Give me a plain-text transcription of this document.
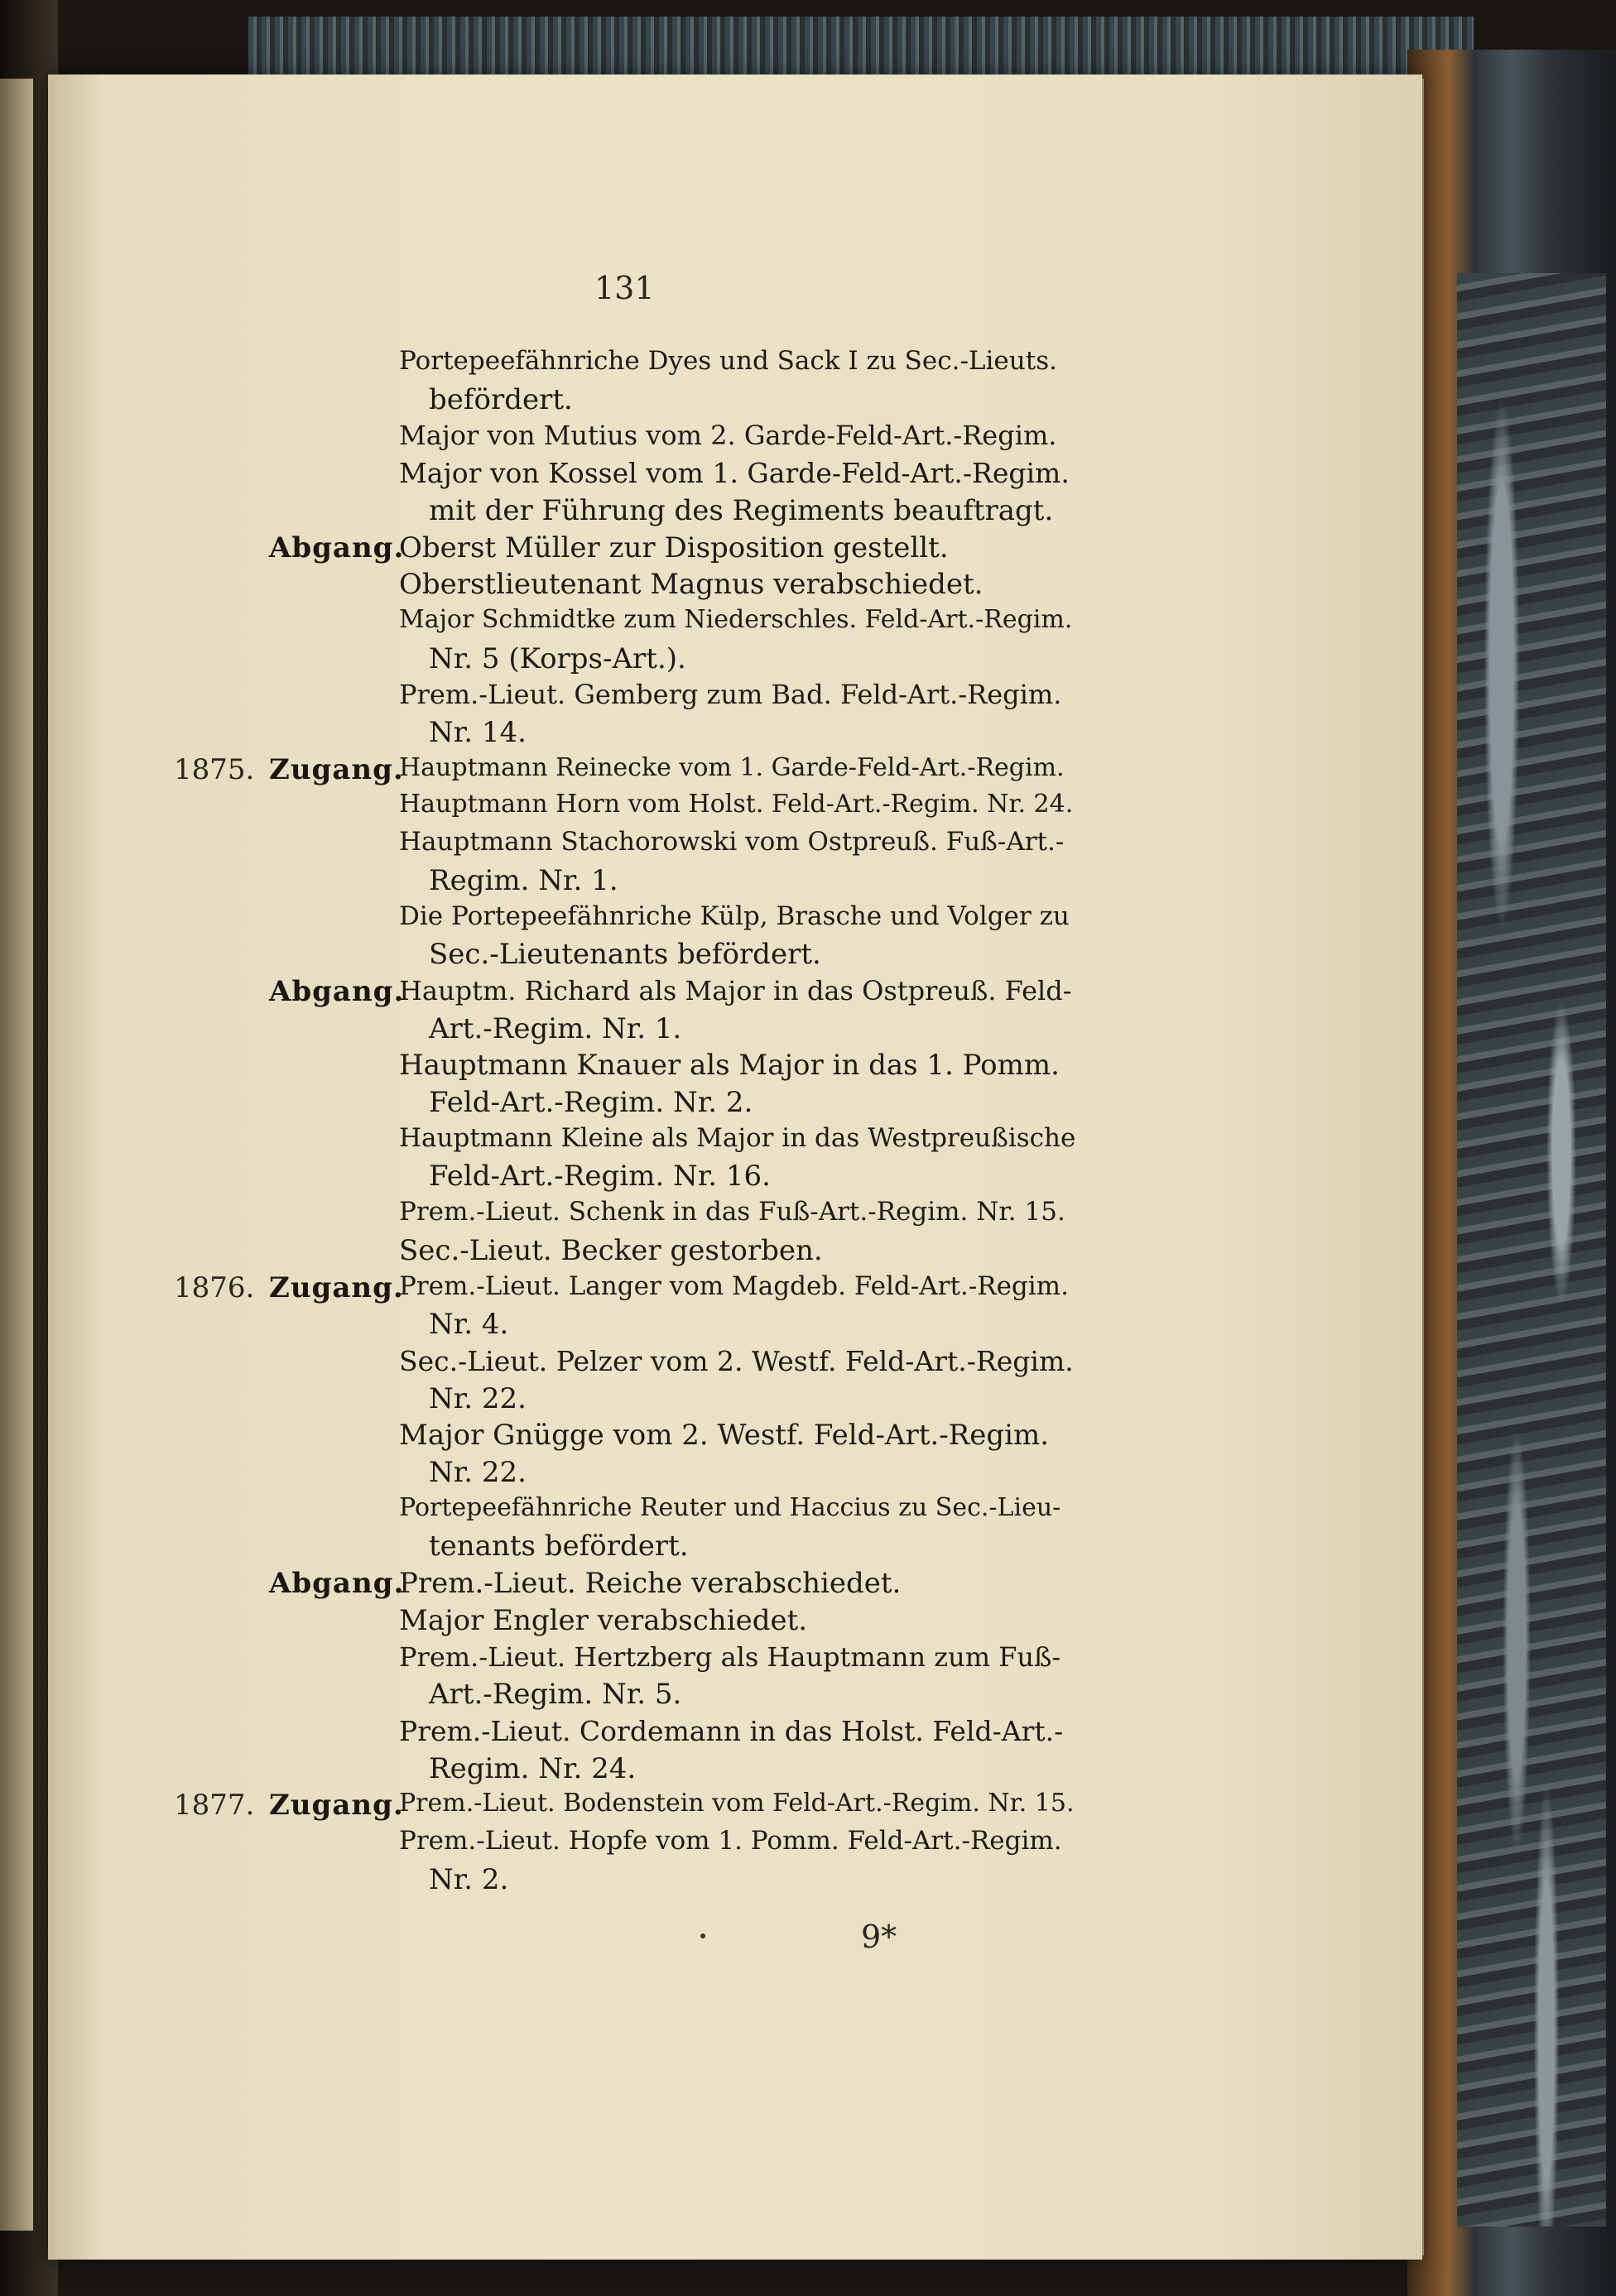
131
Portepeefähnriche Dyes und Sack I zu Sec.-Lieuts.
befördert.
Major von Mutius vom 2. Garde-Feld-Art.-Regim.
Major von Kossel vom 1. Garde-Feld-Art.-Regim.
mit der Führung des Regiments beauftragt.
Abgang.
Oberst Müller zur Disposition gestellt.
Oberstlieutenant Magnus verabschiedet.
Major Schmidtke zum Niederschles. Feld-Art.-Regim.
Nr. 5 (Korps-Art.).
Prem.-Lieut. Gemberg zum Bad. Feld-Art.-Regim.
Nr. 14.
1875. Zugang.
Hauptmann Reinecke vom 1. Garde-Feld-Art.-Regim.
Hauptmann Horn vom Holst. Feld-Art.-Regim. Nr. 24.
Hauptmann Stachorowski vom Ostpreuß. Fuß-Art.-
Regim. Nr. 1.
Die Portepeefähnriche Külp, Brasche und Volger zu
Sec.-Lieutenants befördert.
Abgang.
Hauptm. Richard als Major in das Ostpreuß. Feld-
Art.-Regim. Nr. 1.
Hauptmann Knauer als Major in das 1. Pomm.
Feld-Art.-Regim. Nr. 2.
Hauptmann Kleine als Major in das Westpreußische
Feld-Art.-Regim. Nr. 16.
Prem.-Lieut. Schenk in das Fuß-Art.-Regim. Nr. 15.
Sec.-Lieut. Becker gestorben.
1876. Zugang.
Prem.-Lieut. Langer vom Magdeb. Feld-Art.-Regim.
Nr. 4.
Sec.-Lieut. Pelzer vom 2. Westf. Feld-Art.-Regim.
Nr. 22.
Major Gnügge vom 2. Westf. Feld-Art.-Regim.
Nr. 22.
Portepeefähnriche Reuter und Haccius zu Sec.-Lieu-
tenants befördert.
Abgang.
Prem.-Lieut. Reiche verabschiedet.
Major Engler verabschiedet.
Prem.-Lieut. Hertzberg als Hauptmann zum Fuß-
Art.-Regim. Nr. 5.
Prem.-Lieut. Cordemann in das Holst. Feld-Art.-
Regim. Nr. 24.
1877. Zugang.
Prem.-Lieut. Bodenstein vom Feld-Art.-Regim. Nr. 15.
Prem.-Lieut. Hopfe vom 1. Pomm. Feld-Art.-Regim.
Nr. 2.
9*
